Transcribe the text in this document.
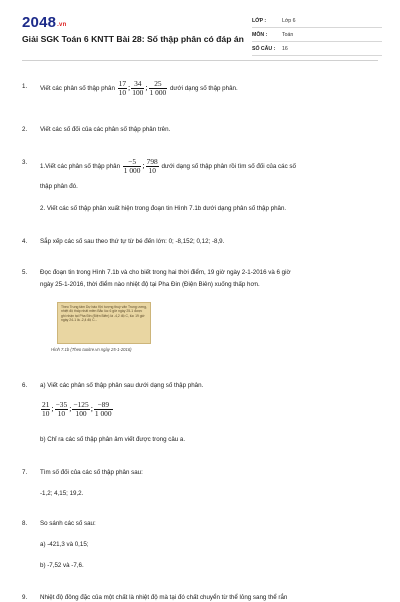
2048.vn
Giải SGK Toán 6 KNTT Bài 28: Số thập phân có đáp án
LỚP :	Lớp 6
MÔN :	Toán
SỐ CÂU :	16
1. Viết các phân số thập phân $\frac{17}{10}$ ; $\frac{34}{100}$ ; $\frac{25}{1 000}$ dưới dạng số thập phân.
2. Viết các số đối của các phân số thập phân trên.
3.
1.Viết các phân số thập phân $\frac{-5}{1 000}$ ; $\frac{798}{10}$ dưới dạng số thập phân rồi tìm số đối của các số
thập phân đó.
2. Viết các số thập phân xuất hiện trong đoạn tin Hình 7.1b dưới dạng phân số thập phân.
4. Sắp xếp các số sau theo thứ tự từ bé đến lớn: 0; -8,152; 0,12; -8,9.
5. Đọc đoạn tin trong Hình 7.1b và cho biết trong hai thời điểm, 19 giờ ngày 2-1-2016 và 6 giờ
ngày 25-1-2016, thời điểm nào nhiệt độ tại Pha Đin (Điện Biên) xuống thấp hơn.
Theo Trung tâm Dự báo Khí tượng thuỷ văn Trung ương, nhiệt độ thấp nhất miền Bắc lúc 6 giờ ngày 25-1 được ghi nhận tại Pha Đin (Điện Biên) là -4,2 độ C, lúc 19 giờ ngày 24-1 là -2,4 độ C...
Hình 7.1b (Theo tuoitre.vn ngày 25-1-2016)
6. a) Viết các phân số thập phân sau dưới dạng số thập phân.
$\frac{21}{10}$ ; $\frac{-35}{10}$ ; $\frac{-125}{100}$ ; $\frac{-89}{1 000}$
b) Chỉ ra các số thập phân âm viết được trong câu a.
7. Tìm số đối của các số thập phân sau:
-1,2; 4,15; 19,2.
8. So sánh các số sau:
a) -421,3 và 0,15;
b) -7,52 và -7,6.
9. Nhiệt độ đông đặc của một chất là nhiệt độ mà tại đó chất chuyển từ thể lỏng sang thể rắn
